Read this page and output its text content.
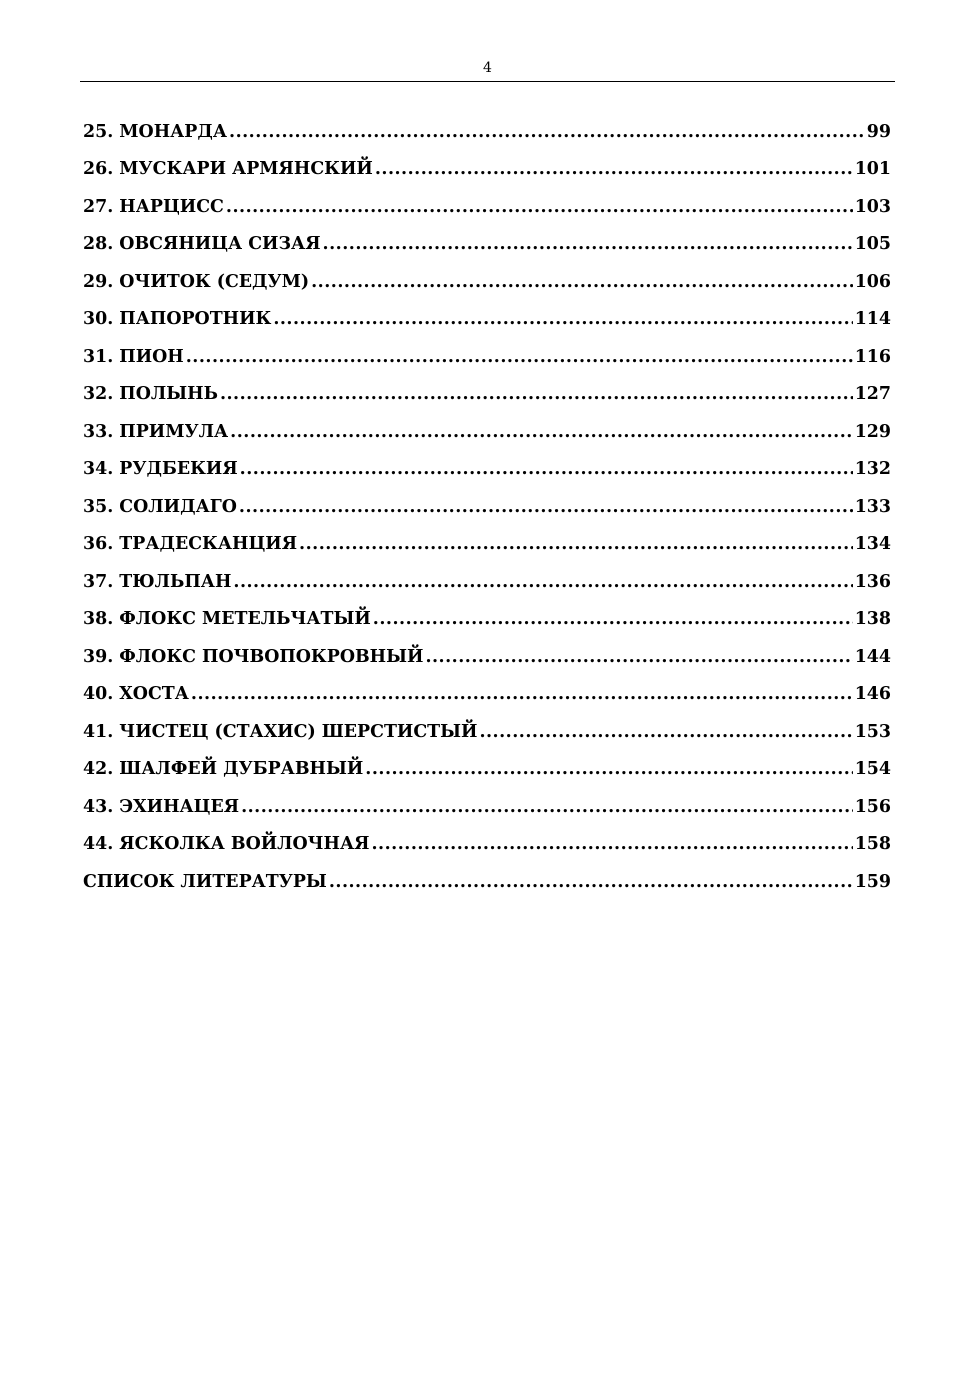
4
25. МОНАРДА .....	99
26. МУСКАРИ АРМЯНСКИЙ .....	101
27. НАРЦИСС .....	103
28. ОВСЯНИЦА СИЗАЯ .....	105
29. ОЧИТОК (СЕДУМ) .....	106
30. ПАПОРОТНИК .....	114
31. ПИОН .....	116
32. ПОЛЫНЬ .....	127
33. ПРИМУЛА .....	129
34. РУДБЕКИЯ .....	132
35. СОЛИДАГО .....	133
36. ТРАДЕСКАНЦИЯ .....	134
37. ТЮЛЬПАН .....	136
38. ФЛОКС МЕТЕЛЬЧАТЫЙ .....	138
39. ФЛОКС ПОЧВОПОКРОВНЫЙ .....	144
40. ХОСТА .....	146
41. ЧИСТЕЦ (СТАХИС) ШЕРСТИСТЫЙ .....	153
42. ШАЛФЕЙ ДУБРАВНЫЙ .....	154
43. ЭХИНАЦЕЯ .....	156
44. ЯСКОЛКА ВОЙЛОЧНАЯ .....	158
СПИСОК ЛИТЕРАТУРЫ .....	159
